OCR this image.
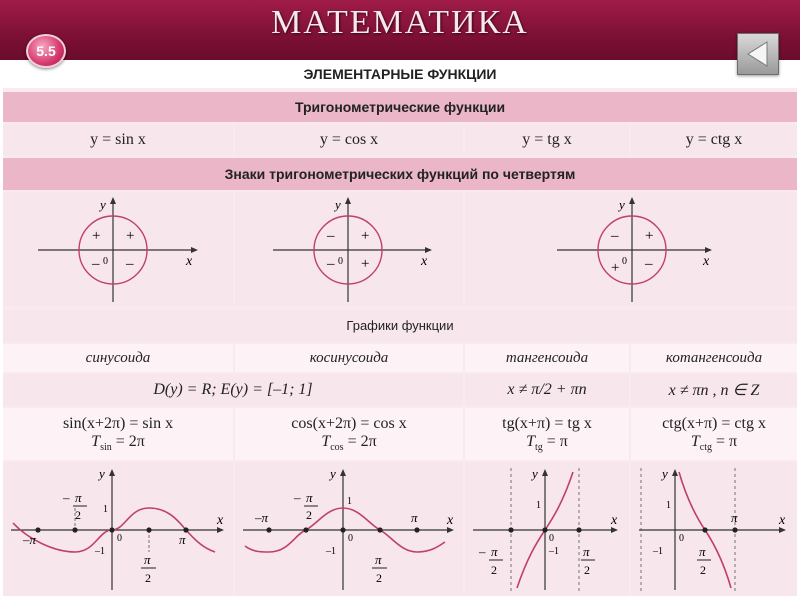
МАТЕМАТИКА
5.5
ЭЛЕМЕНТАРНЫЕ ФУНКЦИИ
Тригонометрические функции
y = sin x	y = cos x	y = tg x	y = ctg x
Знаки тригонометрических функций по четвертям
y
x
0
+
+
– –
y
x
0
+
–
– +
y
x
0
+
–
+ –
Графики функции
синусоида	косинусоида	тангенсоида	котангенсоида
D(y) = R; E(y) = [–1; 1]	x ≠ π/2 + πn	x ≠ πn , n ∈ Z
sin(x+2π) = sin x
$T_{sin} = 2\pi$
cos(x+2π) = cos x
$T_{cos} = 2\pi$
tg(x+π) = tg x
$T_{tg} = \pi$
ctg(x+π) = ctg x
$T_{ctg} = \pi$
y
x
0
1
–1
–π	π
– π
2
π
2
y
x
0
1
–1
–π	π
– π
2
π
2
y
x
0
1
–1
– π
2
π
2
y
x
0
1
–1	π
2
π
